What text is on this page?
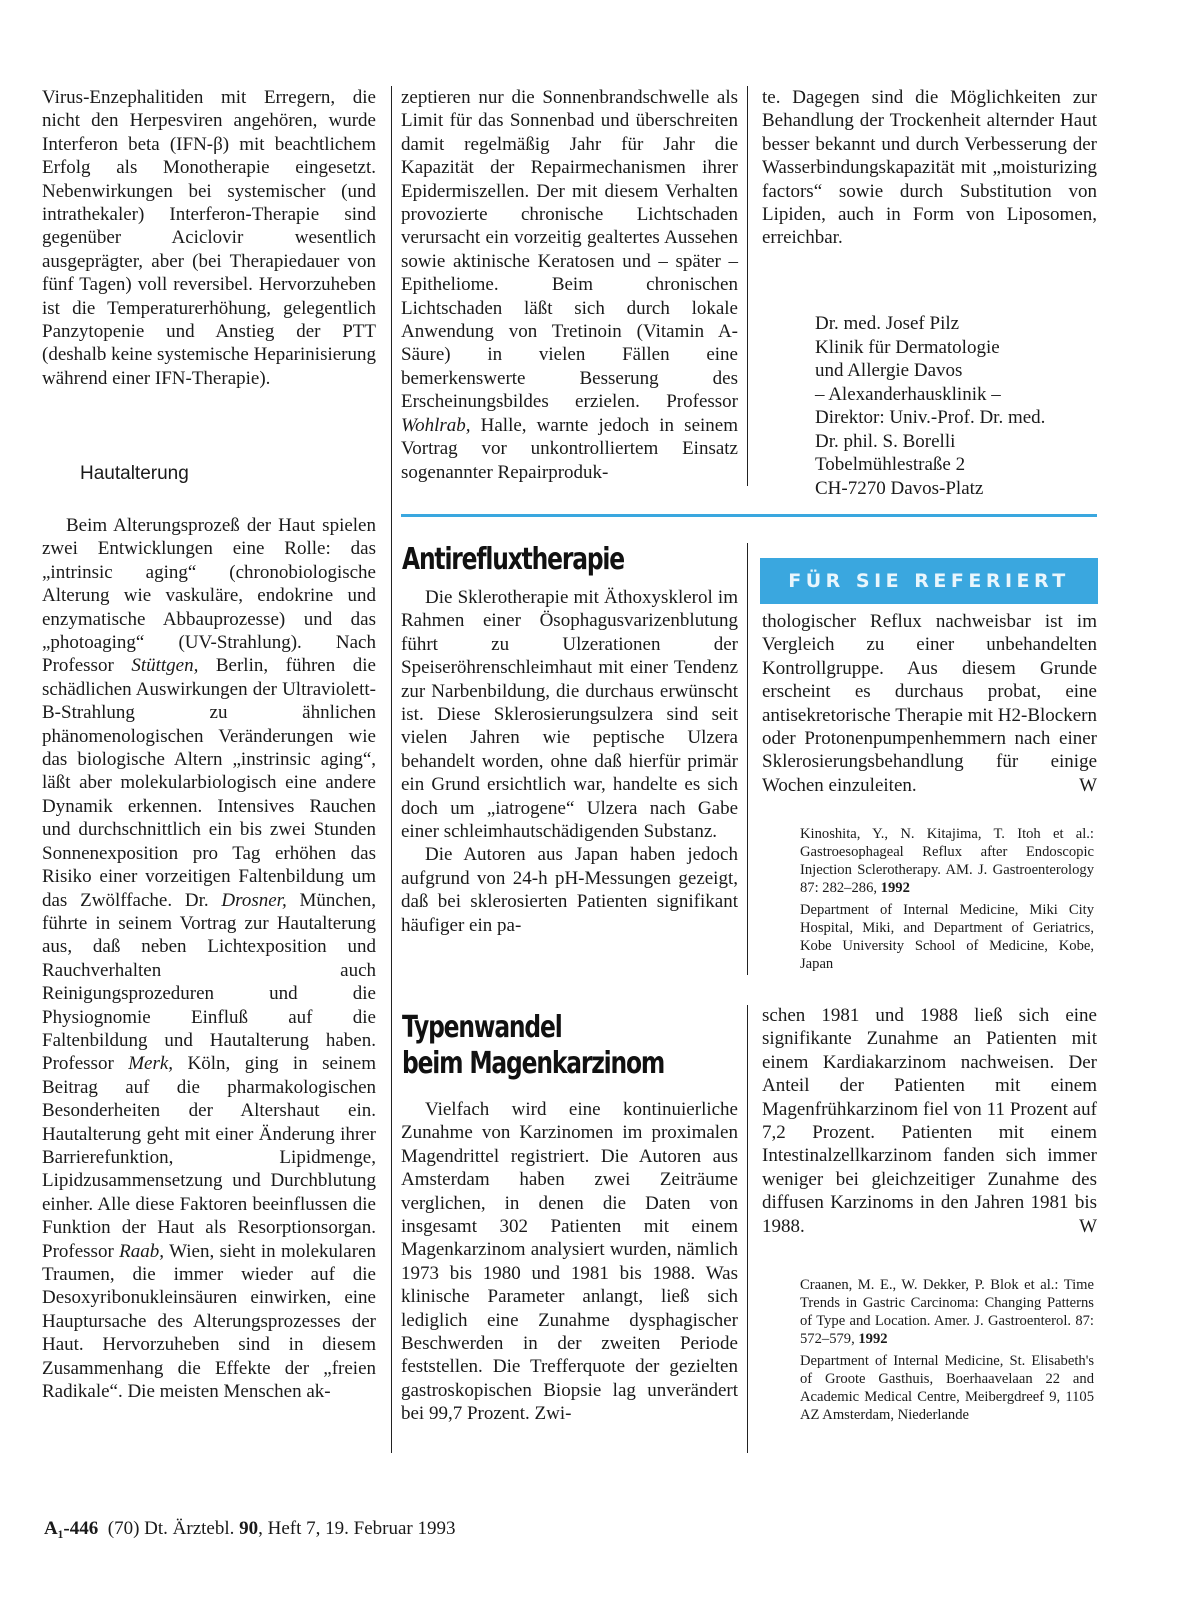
Virus-Enzephalitiden mit Erregern, die nicht den Herpesviren angehören, wurde Interferon beta (IFN-β) mit beachtlichem Erfolg als Monotherapie eingesetzt. Nebenwirkungen bei systemischer (und intrathekaler) Interferon-Therapie sind gegenüber Aciclovir wesentlich ausgeprägter, aber (bei Therapiedauer von fünf Tagen) voll reversibel. Hervorzuheben ist die Temperaturerhöhung, gelegentlich Panzytopenie und Anstieg der PTT (deshalb keine systemische Heparinisierung während einer IFN-Therapie).

Hautalterung

Beim Alterungsprozeß der Haut spielen zwei Entwicklungen eine Rolle: das „intrinsic aging“ (chronobiologische Alterung wie vaskuläre, endokrine und enzymatische Abbauprozesse) und das „photoaging“ (UV-Strahlung). Nach Professor Stüttgen, Berlin, führen die schädlichen Auswirkungen der Ultraviolett-B-Strahlung zu ähnlichen phänomenologischen Veränderungen wie das biologische Altern „instrinsic aging“, läßt aber molekularbiologisch eine andere Dynamik erkennen. Intensives Rauchen und durchschnittlich ein bis zwei Stunden Sonnenexposition pro Tag erhöhen das Risiko einer vorzeitigen Faltenbildung um das Zwölffache. Dr. Drosner, München, führte in seinem Vortrag zur Hautalterung aus, daß neben Lichtexposition und Rauchverhalten auch Reinigungsprozeduren und die Physiognomie Einfluß auf die Faltenbildung und Hautalterung haben. Professor Merk, Köln, ging in seinem Beitrag auf die pharmakologischen Besonderheiten der Altershaut ein. Hautalterung geht mit einer Änderung ihrer Barrierefunktion, Lipidmenge, Lipidzusammensetzung und Durchblutung einher. Alle diese Faktoren beeinflussen die Funktion der Haut als Resorptionsorgan. Professor Raab, Wien, sieht in molekularen Traumen, die immer wieder auf die Desoxyribonukleinsäuren einwirken, eine Hauptursache des Alterungsprozesses der Haut. Hervorzuheben sind in diesem Zusammenhang die Effekte der „freien Radikale“. Die meisten Menschen ak-

zeptieren nur die Sonnenbrandschwelle als Limit für das Sonnenbad und überschreiten damit regelmäßig Jahr für Jahr die Kapazität der Repairmechanismen ihrer Epidermiszellen. Der mit diesem Verhalten provozierte chronische Lichtschaden verursacht ein vorzeitig gealtertes Aussehen sowie aktinische Keratosen und – später – Epitheliome. Beim chronischen Lichtschaden läßt sich durch lokale Anwendung von Tretinoin (Vitamin A-Säure) in vielen Fällen eine bemerkenswerte Besserung des Erscheinungsbildes erzielen. Professor Wohlrab, Halle, warnte jedoch in seinem Vortrag vor unkontrolliertem Einsatz sogenannter Repairproduk-

te. Dagegen sind die Möglichkeiten zur Behandlung der Trockenheit alternder Haut besser bekannt und durch Verbesserung der Wasserbindungskapazität mit „moisturizing factors“ sowie durch Substitution von Lipiden, auch in Form von Liposomen, erreichbar.

Dr. med. Josef Pilz
Klinik für Dermatologie
und Allergie Davos
– Alexanderhausklinik –
Direktor: Univ.-Prof. Dr. med.
Dr. phil. S. Borelli
Tobelmühlestraße 2
CH-7270 Davos-Platz
FÜR SIE REFERIERT
Antirefluxtherapie

Die Sklerotherapie mit Äthoxysklerol im Rahmen einer Ösophagusvarizenblutung führt zu Ulzerationen der Speiseröhrenschleimhaut mit einer Tendenz zur Narbenbildung, die durchaus erwünscht ist. Diese Sklerosierungsulzera sind seit vielen Jahren wie peptische Ulzera behandelt worden, ohne daß hierfür primär ein Grund ersichtlich war, handelte es sich doch um „iatrogene“ Ulzera nach Gabe einer schleimhautschädigenden Substanz.

Die Autoren aus Japan haben jedoch aufgrund von 24-h pH-Messungen gezeigt, daß bei sklerosierten Patienten signifikant häufiger ein pa-

thologischer Reflux nachweisbar ist im Vergleich zu einer unbehandelten Kontrollgruppe. Aus diesem Grunde erscheint es durchaus probat, eine antisekretorische Therapie mit H2-Blockern oder Protonenpumpenhemmern nach einer Sklerosierungsbehandlung für einige Wochen einzuleiten.	W

Kinoshita, Y., N. Kitajima, T. Itoh et al.: Gastroesophageal Reflux after Endoscopic Injection Sclerotherapy. AM. J. Gastroenterology 87: 282–286, 1992

Department of Internal Medicine, Miki City Hospital, Miki, and Department of Geriatrics, Kobe University School of Medicine, Kobe, Japan

Typenwandel
beim Magenkarzinom

Vielfach wird eine kontinuierliche Zunahme von Karzinomen im proximalen Magendrittel registriert. Die Autoren aus Amsterdam haben zwei Zeiträume verglichen, in denen die Daten von insgesamt 302 Patienten mit einem Magenkarzinom analysiert wurden, nämlich 1973 bis 1980 und 1981 bis 1988. Was klinische Parameter anlangt, ließ sich lediglich eine Zunahme dysphagischer Beschwerden in der zweiten Periode feststellen. Die Trefferquote der gezielten gastroskopischen Biopsie lag unverändert bei 99,7 Prozent. Zwi-

schen 1981 und 1988 ließ sich eine signifikante Zunahme an Patienten mit einem Kardiakarzinom nachweisen. Der Anteil der Patienten mit einem Magenfrühkarzinom fiel von 11 Prozent auf 7,2 Prozent. Patienten mit einem Intestinalzellkarzinom fanden sich immer weniger bei gleichzeitiger Zunahme des diffusen Karzinoms in den Jahren 1981 bis 1988.	W

Craanen, M. E., W. Dekker, P. Blok et al.: Time Trends in Gastric Carcinoma: Changing Patterns of Type and Location. Amer. J. Gastroenterol. 87: 572–579, 1992

Department of Internal Medicine, St. Elisabeth's of Groote Gasthuis, Boerhaavelaan 22 and Academic Medical Centre, Meibergdreef 9, 1105 AZ Amsterdam, Niederlande

A₁-446 (70) Dt. Ärztebl. 90, Heft 7, 19. Februar 1993
